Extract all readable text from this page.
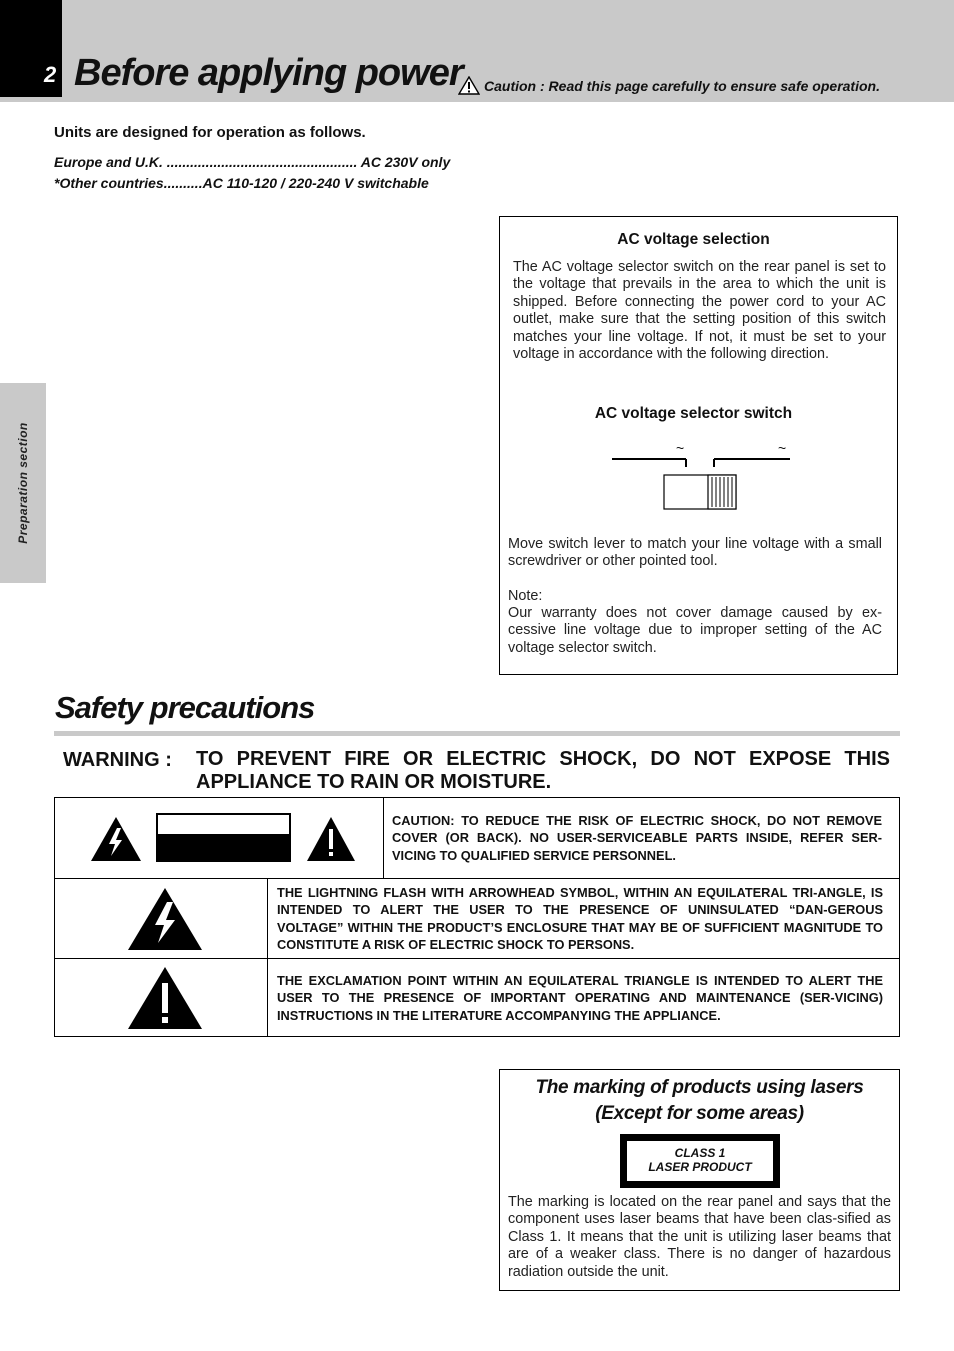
2 Before applying power	Caution : Read this page carefully to ensure safe operation.
Preparation section
Units are designed for operation as follows.
Europe and U.K. ................................................. AC 230V only
*Other countries..........AC 110-120 / 220-240 V switchable
AC voltage selection
The AC voltage selector switch on the rear panel is set to the voltage that prevails in the area to which the unit is shipped. Before connecting the power cord to your AC outlet, make sure that the setting position of this switch matches your line voltage. If not, it must be set to your voltage in accordance with the following direction.
AC voltage selector switch
~	~
Move switch lever to match your line voltage with a small screwdriver or other pointed tool.
Note:
Our warranty does not cover damage caused by ex-cessive line voltage due to improper setting of the AC voltage selector switch.
Safety precautions
WARNING : TO PREVENT FIRE OR ELECTRIC SHOCK, DO NOT EXPOSE THIS APPLIANCE TO RAIN OR MOISTURE.
CAUTION: TO REDUCE THE RISK OF ELECTRIC SHOCK, DO NOT REMOVE COVER (OR BACK). NO USER-SERVICEABLE PARTS INSIDE, REFER SER-VICING TO QUALIFIED SERVICE PERSONNEL.
THE LIGHTNING FLASH WITH ARROWHEAD SYMBOL, WITHIN AN EQUILATERAL TRI-ANGLE, IS INTENDED TO ALERT THE USER TO THE PRESENCE OF UNINSULATED “DAN-GEROUS VOLTAGE” WITHIN THE PRODUCT’S ENCLOSURE THAT MAY BE OF SUFFICIENT MAGNITUDE TO CONSTITUTE A RISK OF ELECTRIC SHOCK TO PERSONS.
THE EXCLAMATION POINT WITHIN AN EQUILATERAL TRIANGLE IS INTENDED TO ALERT THE USER TO THE PRESENCE OF IMPORTANT OPERATING AND MAINTENANCE (SER-VICING) INSTRUCTIONS IN THE LITERATURE ACCOMPANYING THE APPLIANCE.
The marking of products using lasers
(Except for some areas)
CLASS 1
LASER PRODUCT
The marking is located on the rear panel and says that the component uses laser beams that have been clas-sified as Class 1. It means that the unit is utilizing laser beams that are of a weaker class. There is no danger of hazardous radiation outside the unit.
